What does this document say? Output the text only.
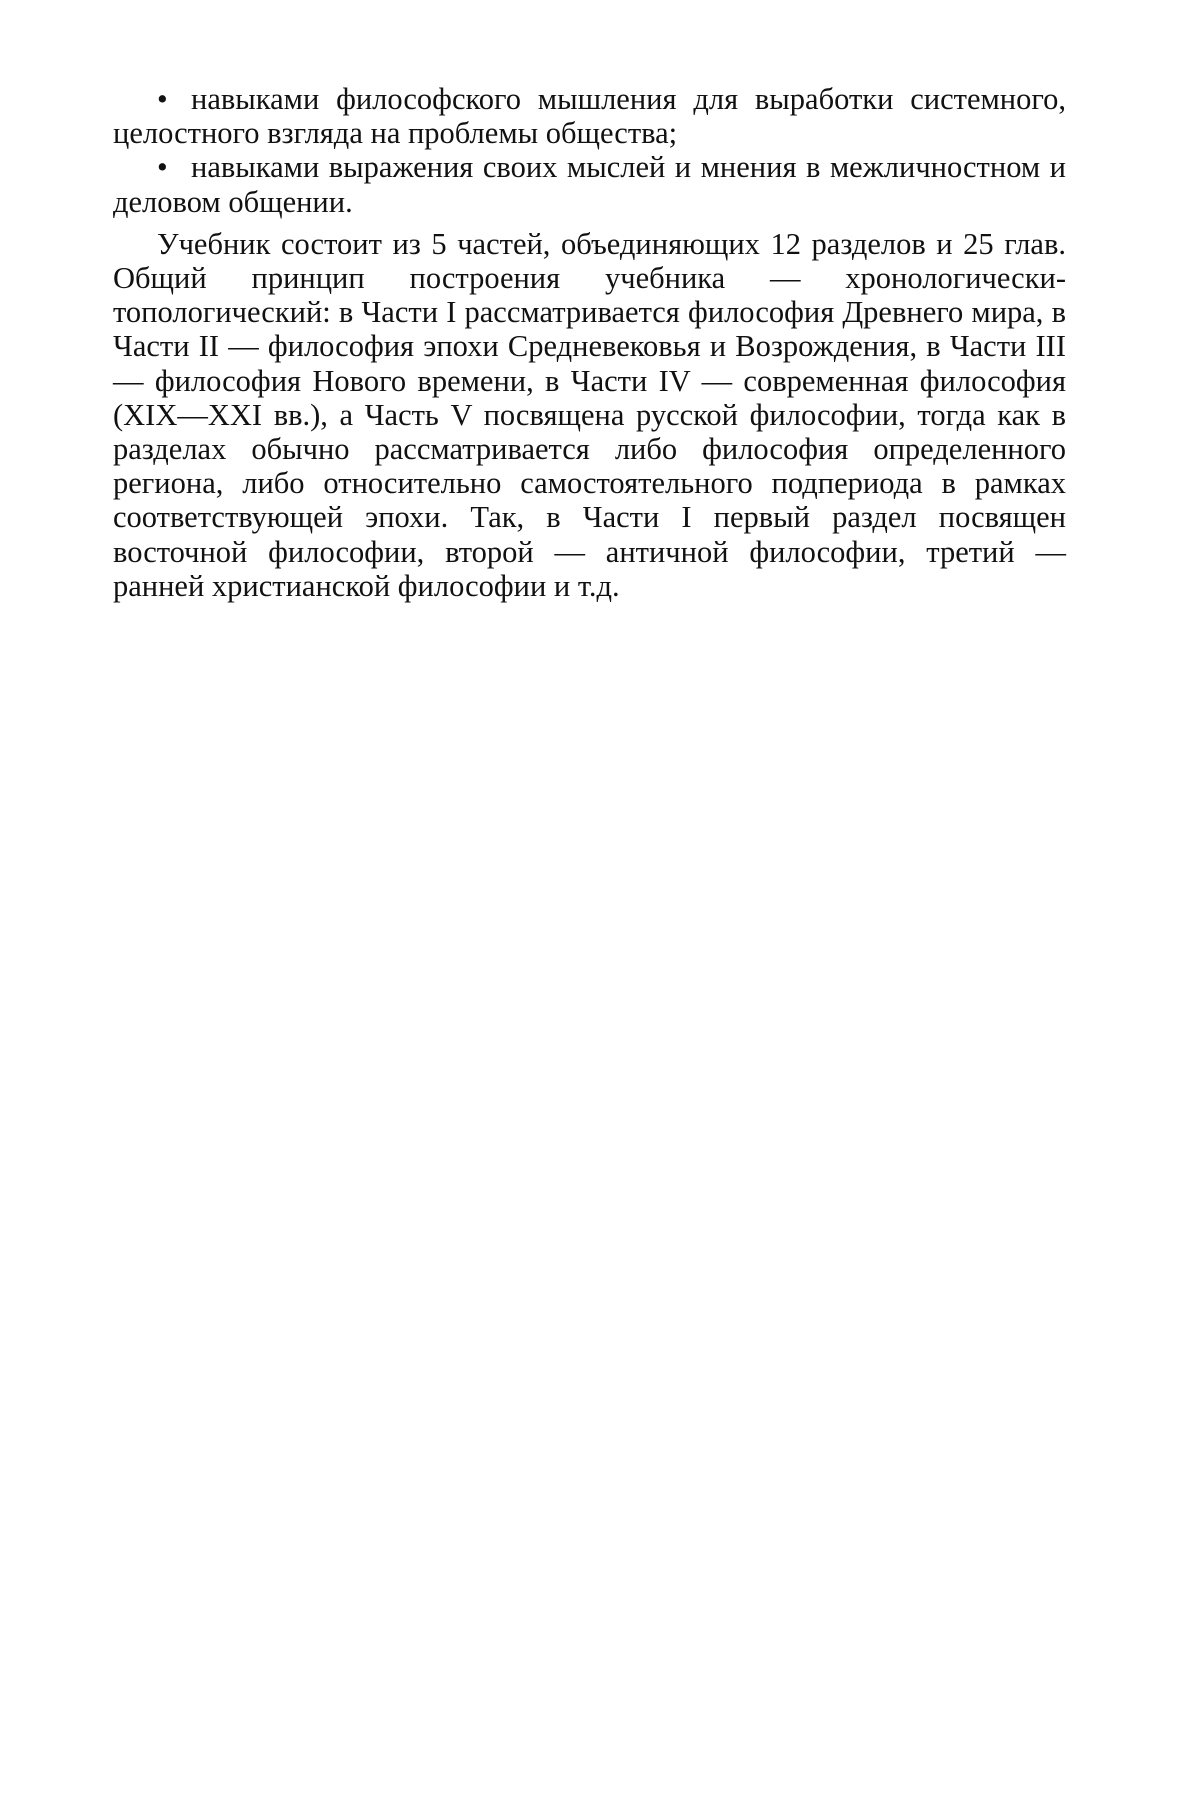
• навыками философского мышления для выработки системного, целостного взгляда на проблемы общества;

• навыками выражения своих мыслей и мнения в межличностном и деловом общении.

Учебник состоит из 5 частей, объединяющих 12 разделов и 25 глав. Общий принцип построения учебника — хронологически-топологический: в Части I рассматривается философия Древнего мира, в Части II — философия эпохи Средневековья и Возрождения, в Части III — философия Нового времени, в Части IV — современная философия (XIX—XXI вв.), а Часть V посвящена русской философии, тогда как в разделах обычно рассматривается либо философия определенного региона, либо относительно самостоятельного подпериода в рамках соответствующей эпохи. Так, в Части I первый раздел посвящен восточной философии, второй — античной философии, третий — ранней христианской философии и т.д.
